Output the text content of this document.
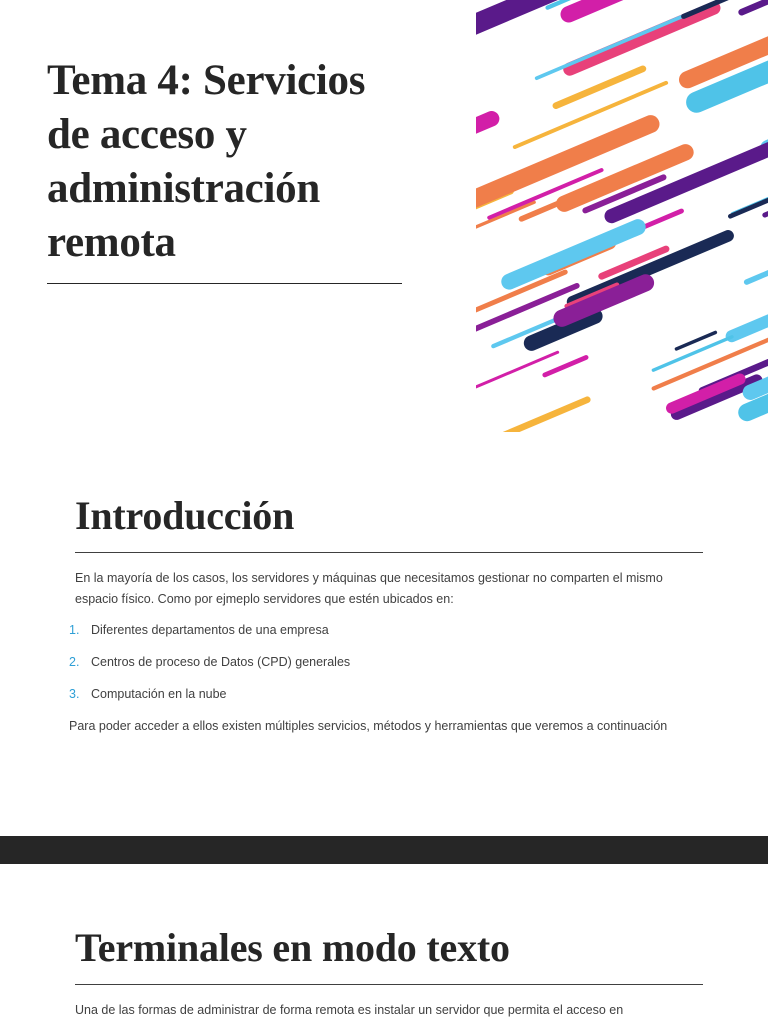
Tema 4: Servicios de acceso y administración remota
Introducción

En la mayoría de los casos, los servidores y máquinas que necesitamos gestionar no comparten el mismo espacio físico. Como por ejmeplo servidores que estén ubicados en:

1. Diferentes departamentos de una empresa
2. Centros de proceso de Datos (CPD) generales
3. Computación en la nube

Para poder acceder a ellos existen múltiples servicios, métodos y herramientas que veremos a continuación

Terminales en modo texto

Una de las formas de administrar de forma remota es instalar un servidor que permita el acceso en
